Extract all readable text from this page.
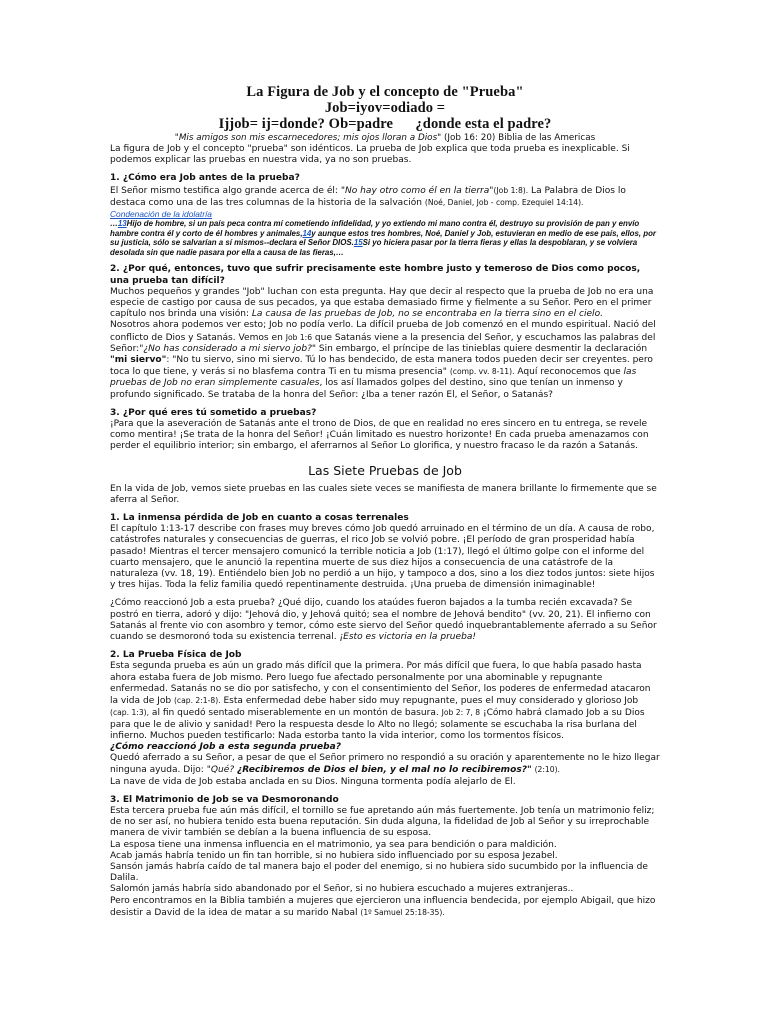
La Figura de Job y el concepto de "Prueba"
Job=iyov=odiado =
Ijjob= ij=donde? Ob=padre      ¿donde esta el padre?
"Mis amigos son mis escarnecedores; mis ojos lloran a Dios" (Job 16: 20) Biblia de las Americas

La figura de Job y el concepto "prueba" son idénticos. La prueba de Job explica que toda prueba es inexplicable. Si podemos explicar las pruebas en nuestra vida, ya no son pruebas.

1. ¿Cómo era Job antes de la prueba?

El Señor mismo testifica algo grande acerca de él: "No hay otro como él en la tierra"(Job 1:8). La Palabra de Dios lo destaca como una de las tres columnas de la historia de la salvación (Noé, Daniel, Job - comp. Ezequiel 14:14).

Condenación de la idolatría

…13Hijo de hombre, si un país peca contra mí cometiendo infidelidad, y yo extiendo mi mano contra él, destruyo su provisión de pan y envío hambre contra él y corto de él hombres y animales,14y aunque estos tres hombres, Noé, Daniel y Job, estuvieran en medio de ese país, ellos, por su justicia, sólo se salvarían a sí mismos--declara el Señor DIOS.15Si yo hiciera pasar por la tierra fieras y ellas la despoblaran, y se volviera desolada sin que nadie pasara por ella a causa de las fieras,…

2. ¿Por qué, entonces, tuvo que sufrir precisamente este hombre justo y temeroso de Dios como pocos, una prueba tan difícil?

Muchos pequeños y grandes "Job" luchan con esta pregunta. Hay que decir al respecto que la prueba de Job no era una especie de castigo por causa de sus pecados, ya que estaba demasiado firme y fielmente a su Señor. Pero en el primer capítulo nos brinda una visión: La causa de las pruebas de Job, no se encontraba en la tierra sino en el cielo.

Nosotros ahora podemos ver esto; Job no podía verlo. La difícil prueba de Job comenzó en el mundo espiritual. Nació del conflicto de Dios y Satanás. Vemos en Job 1:6 que Satanás viene a la presencia del Señor, y escuchamos las palabras del Señor:"¿No has considerado a mi siervo job?" Sin embargo, el príncipe de las tinieblas quiere desmentir la declaración "mi siervo": "No tu siervo, sino mi siervo. Tú lo has bendecido, de esta manera todos pueden decir ser creyentes. pero toca lo que tiene, y verás si no blasfema contra Ti en tu misma presencia" (comp. vv. 8-11). Aquí reconocemos que las pruebas de Job no eran simplemente casuales, los así llamados golpes del destino, sino que tenían un inmenso y profundo significado. Se trataba de la honra del Señor: ¿Iba a tener razón El, el Señor, o Satanás?

3. ¿Por qué eres tú sometido a pruebas?

¡Para que la aseveración de Satanás ante el trono de Dios, de que en realidad no eres sincero en tu entrega, se revele como mentira! ¡Se trata de la honra del Señor! ¡Cuán limitado es nuestro horizonte! En cada prueba amenazamos con perder el equilibrio interior; sin embargo, el aferrarnos al Señor Lo glorifica, y nuestro fracaso le da razón a Satanás.

Las Siete Pruebas de Job

En la vida de Job, vemos siete pruebas en las cuales siete veces se manifiesta de manera brillante lo firmemente que se aferra al Señor.

1. La inmensa pérdida de Job en cuanto a cosas terrenales

El capítulo 1:13-17 describe con frases muy breves cómo Job quedó arruinado en el término de un día. A causa de robo, catástrofes naturales y consecuencias de guerras, el rico Job se volvió pobre. ¡El período de gran prosperidad había pasado! Mientras el tercer mensajero comunicó la terrible noticia a Job (1:17), llegó el último golpe con el informe del cuarto mensajero, que le anunció la repentina muerte de sus diez hijos a consecuencia de una catástrofe de la naturaleza (vv. 18, 19). Entiéndelo bien Job no perdió a un hijo, y tampoco a dos, sino a los diez todos juntos: siete hijos y tres hijas. Toda la feliz familia quedó repentinamente destruida. ¡Una prueba de dimensión inimaginable!

¿Cómo reaccionó Job a esta prueba? ¿Qué dijo, cuando los ataúdes fueron bajados a la tumba recién excavada? Se postró en tierra, adoró y dijo: "Jehová dio, y Jehová quitó; sea el nombre de Jehová bendito" (vv. 20, 21). El infierno con Satanás al frente vio con asombro y temor, cómo este siervo del Señor quedó inquebrantablemente aferrado a su Señor cuando se desmoronó toda su existencia terrenal. ¡Esto es victoria en la prueba!

2. La Prueba Física de Job

Esta segunda prueba es aún un grado más difícil que la primera. Por más difícil que fuera, lo que había pasado hasta ahora estaba fuera de Job mismo. Pero luego fue afectado personalmente por una abominable y repugnante enfermedad. Satanás no se dio por satisfecho, y con el consentimiento del Señor, los poderes de enfermedad atacaron la vida de Job (cap. 2:1-8). Esta enfermedad debe haber sido muy repugnante, pues el muy considerado y glorioso Job (cap. 1:3), al fin quedó sentado miserablemente en un montón de basura. Job 2: 7, 8 ¡Cómo habrá clamado Job a su Dios para que le de alivio y sanidad! Pero la respuesta desde lo Alto no llegó; solamente se escuchaba la risa burlana del infierno. Muchos pueden testificarlo: Nada estorba tanto la vida interior, como los tormentos físicos.

¿Cómo reaccionó Job a esta segunda prueba?

Quedó aferrado a su Señor, a pesar de que el Señor primero no respondió a su oración y aparentemente no le hizo llegar ninguna ayuda. Dijo: "Qué? ¿Recibiremos de Dios el bien, y el mal no lo recibiremos?" (2:10).

La nave de vida de Job estaba anclada en su Dios. Ninguna tormenta podía alejarlo de El.

3. El Matrimonio de Job se va Desmoronando

Esta tercera prueba fue aún más difícil, el tornillo se fue apretando aún más fuertemente. Job tenía un matrimonio feliz; de no ser así, no hubiera tenido esta buena reputación. Sin duda alguna, la fidelidad de Job al Señor y su irreprochable manera de vivir también se debían a la buena influencia de su esposa.

La esposa tiene una inmensa influencia en el matrimonio, ya sea para bendición o para maldición.

Acab jamás habría tenido un fin tan horrible, si no hubiera sido influenciado por su esposa Jezabel.

Sansón jamás habría caído de tal manera bajo el poder del enemigo, si no hubiera sido sucumbido por la influencia de Dalila.

Salomón jamás habría sido abandonado por el Señor, si no hubiera escuchado a mujeres extranjeras..

Pero encontramos en la Biblia también a mujeres que ejercieron una influencia bendecida, por ejemplo Abigail, que hizo desistir a David de la idea de matar a su marido Nabal (1º Samuel 25:18-35).
